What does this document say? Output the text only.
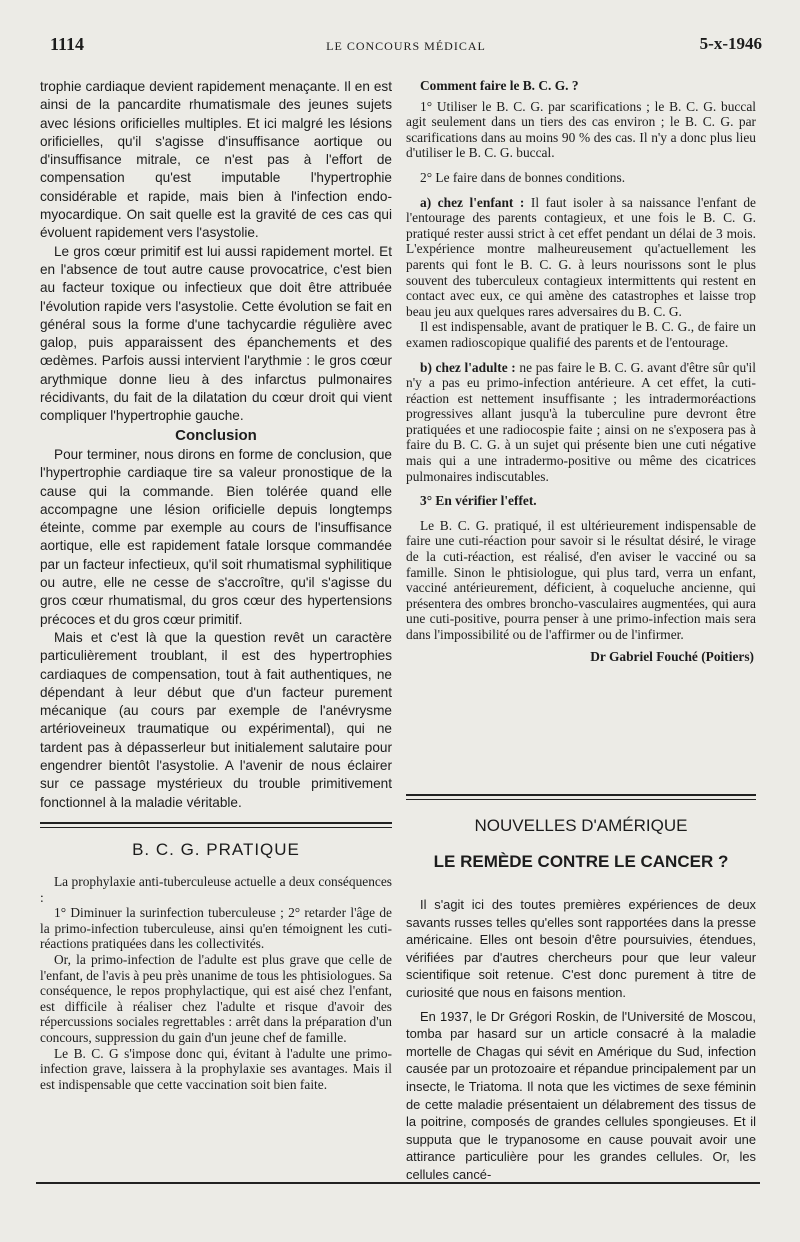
1114	LE CONCOURS MÉDICAL	5-x-1946

trophie cardiaque devient rapidement menaçante. Il en est ainsi de la pancardite rhumatismale des jeunes sujets avec lésions orificielles multiples. Et ici malgré les lésions orificielles, qu'il s'agisse d'insuffisance aortique ou d'insuffisance mitrale, ce n'est pas à l'effort de compensation qu'est imputable l'hypertrophie considérable et rapide, mais bien à l'infection endo-myocardique. On sait quelle est la gravité de ces cas qui évoluent rapidement vers l'asystolie.

Le gros cœur primitif est lui aussi rapidement mortel. Et en l'absence de tout autre cause provocatrice, c'est bien au facteur toxique ou infectieux que doit être attribuée l'évolution rapide vers l'asystolie. Cette évolution se fait en général sous la forme d'une tachycardie régulière avec galop, puis apparaissent des épanchements et des œdèmes. Parfois aussi intervient l'arythmie : le gros cœur arythmique donne lieu à des infarctus pulmonaires récidivants, du fait de la dilatation du cœur droit qui vient compliquer l'hypertrophie gauche.

Conclusion

Pour terminer, nous dirons en forme de conclusion, que l'hypertrophie cardiaque tire sa valeur pronostique de la cause qui la commande. Bien tolérée quand elle accompagne une lésion orificielle depuis longtemps éteinte, comme par exemple au cours de l'insuffisance aortique, elle est rapidement fatale lorsque commandée par un facteur infectieux, qu'il soit rhumatismal syphilitique ou autre, elle ne cesse de s'accroître, qu'il s'agisse du gros cœur rhumatismal, du gros cœur des hypertensions précoces et du gros cœur primitif.

Mais et c'est là que la question revêt un caractère particulièrement troublant, il est des hypertrophies cardiaques de compensation, tout à fait authentiques, ne dépendant à leur début que d'un facteur purement mécanique (au cours par exemple de l'anévrysme artérioveineux traumatique ou expérimental), qui ne tardent pas à dépasserleur but initialement salutaire pour engendrer bientôt l'asystolie. A l'avenir de nous éclairer sur ce passage mystérieux du trouble primitivement fonctionnel à la maladie véritable.

B. C. G. PRATIQUE

La prophylaxie anti-tuberculeuse actuelle a deux conséquences :

1° Diminuer la surinfection tuberculeuse ; 2° retarder l'âge de la primo-infection tuberculeuse, ainsi qu'en témoignent les cuti-réactions pratiquées dans les collectivités.

Or, la primo-infection de l'adulte est plus grave que celle de l'enfant, de l'avis à peu près unanime de tous les phtisiologues. Sa conséquence, le repos prophylactique, qui est aisé chez l'enfant, est difficile à réaliser chez l'adulte et risque d'avoir des répercussions sociales regrettables : arrêt dans la préparation d'un concours, suppression du gain d'un jeune chef de famille.

Le B. C. G s'impose donc qui, évitant à l'adulte une primo-infection grave, laissera à la prophylaxie ses avantages. Mais il est indispensable que cette vaccination soit bien faite.

Comment faire le B. C. G. ?

1° Utiliser le B. C. G. par scarifications ; le B. C. G. buccal agit seulement dans un tiers des cas environ ; le B. C. G. par scarifications dans au moins 90 % des cas. Il n'y a donc plus lieu d'utiliser le B. C. G. buccal.

2° Le faire dans de bonnes conditions.

a) chez l'enfant : Il faut isoler à sa naissance l'enfant de l'entourage des parents contagieux, et une fois le B. C. G. pratiqué rester aussi strict à cet effet pendant un délai de 3 mois. L'expérience montre malheureusement qu'actuellement les parents qui font le B. C. G. à leurs nourissons sont le plus souvent des tuberculeux contagieux intermittents qui restent en contact avec eux, ce qui amène des catastrophes et laisse trop beau jeu aux quelques rares adversaires du B. C. G.

Il est indispensable, avant de pratiquer le B. C. G., de faire un examen radioscopique qualifié des parents et de l'entourage.

b) chez l'adulte : ne pas faire le B. C. G. avant d'être sûr qu'il n'y a pas eu primo-infection antérieure. A cet effet, la cuti-réaction est nettement insuffisante ; les intradermoréactions progressives allant jusqu'à la tuberculine pure devront être pratiquées et une radiocospie faite ; ainsi on ne s'exposera pas à faire du B. C. G. à un sujet qui présente bien une cuti négative mais qui a une intradermo-positive ou même des cicatrices pulmonaires indiscutables.

3° En vérifier l'effet.

Le B. C. G. pratiqué, il est ultérieurement indispensable de faire une cuti-réaction pour savoir si le résultat désiré, le virage de la cuti-réaction, est réalisé, d'en aviser le vacciné ou sa famille. Sinon le phtisiologue, qui plus tard, verra un enfant, vacciné antérieurement, déficient, à coqueluche ancienne, qui présentera des ombres broncho-vasculaires augmentées, qui aura une cuti-positive, pourra penser à une primo-infection mais sera dans l'impossibilité ou de l'affirmer ou de l'infirmer.

Dr Gabriel Fouché (Poitiers)

NOUVELLES D'AMÉRIQUE
LE REMÈDE CONTRE LE CANCER ?

Il s'agit ici des toutes premières expériences de deux savants russes telles qu'elles sont rapportées dans la presse américaine. Elles ont besoin d'être poursuivies, étendues, vérifiées par d'autres chercheurs pour que leur valeur scientifique soit retenue. C'est donc purement à titre de curiosité que nous en faisons mention.

En 1937, le Dr Grégori Roskin, de l'Université de Moscou, tomba par hasard sur un article consacré à la maladie mortelle de Chagas qui sévit en Amérique du Sud, infection causée par un protozoaire et répandue principalement par un insecte, le Triatoma. Il nota que les victimes de sexe féminin de cette maladie présentaient un délabrement des tissus de la poitrine, composés de grandes cellules spongieuses. Et il supputa que le trypanosome en cause pouvait avoir une attirance particulière pour les grandes cellules. Or, les cellules cancé-
